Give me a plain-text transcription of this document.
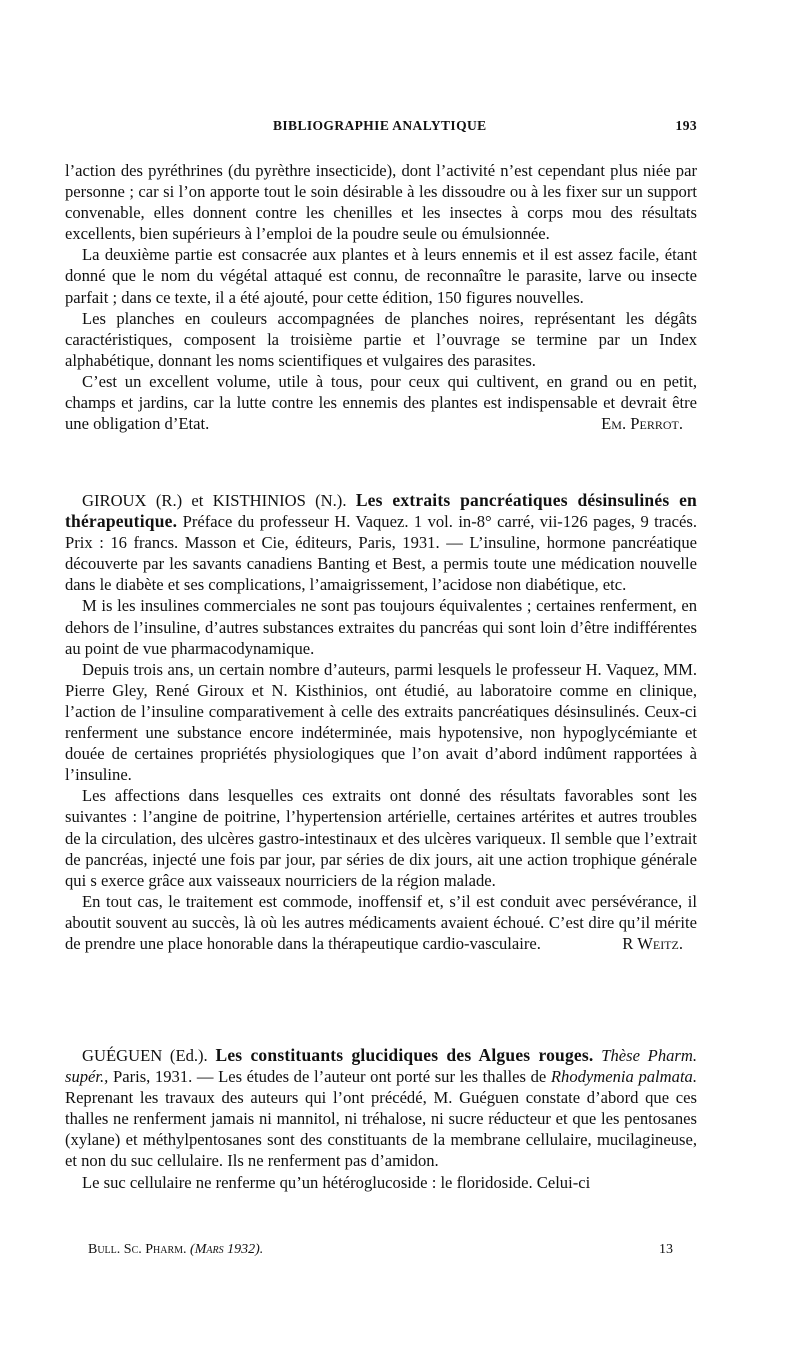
BIBLIOGRAPHIE ANALYTIQUE	193

l’action des pyréthrines (du pyrèthre insecticide), dont l’activité n’est cependant plus niée par personne ; car si l’on apporte tout le soin désirable à les dissoudre ou à les fixer sur un support convenable, elles donnent contre les chenilles et les insectes à corps mou des résultats excellents, bien supérieurs à l’emploi de la poudre seule ou émulsionnée.

La deuxième partie est consacrée aux plantes et à leurs ennemis et il est assez facile, étant donné que le nom du végétal attaqué est connu, de reconnaître le parasite, larve ou insecte parfait ; dans ce texte, il a été ajouté, pour cette édition, 150 figures nouvelles.

Les planches en couleurs accompagnées de planches noires, représentant les dégâts caractéristiques, composent la troisième partie et l’ouvrage se termine par un Index alphabétique, donnant les noms scientifiques et vulgaires des parasites.

C’est un excellent volume, utile à tous, pour ceux qui cultivent, en grand ou en petit, champs et jardins, car la lutte contre les ennemis des plantes est indispensable et devrait être une obligation d’Etat.	Em. Perrot.

GIROUX (R.) et KISTHINIOS (N.). Les extraits pancréatiques désinsulinés en thérapeutique. Préface du professeur H. Vaquez. 1 vol. in-8° carré, vii-126 pages, 9 tracés. Prix : 16 francs. Masson et Cie, éditeurs, Paris, 1931. — L’insuline, hormone pancréatique découverte par les savants canadiens Banting et Best, a permis toute une médication nouvelle dans le diabète et ses complications, l’amaigrissement, l’acidose non diabétique, etc.

M is les insulines commerciales ne sont pas toujours équivalentes ; certaines renferment, en dehors de l’insuline, d’autres substances extraites du pancréas qui sont loin d’être indifférentes au point de vue pharmacodynamique.

Depuis trois ans, un certain nombre d’auteurs, parmi lesquels le professeur H. Vaquez, MM. Pierre Gley, René Giroux et N. Kisthinios, ont étudié, au laboratoire comme en clinique, l’action de l’insuline comparativement à celle des extraits pancréatiques désinsulinés. Ceux-ci renferment une substance encore indéterminée, mais hypotensive, non hypoglycémiante et douée de certaines propriétés physiologiques que l’on avait d’abord indûment rapportées à l’insuline.

Les affections dans lesquelles ces extraits ont donné des résultats favorables sont les suivantes : l’angine de poitrine, l’hypertension artérielle, certaines artérites et autres troubles de la circulation, des ulcères gastro-intestinaux et des ulcères variqueux. Il semble que l’extrait de pancréas, injecté une fois par jour, par séries de dix jours, ait une action trophique générale qui s exerce grâce aux vaisseaux nourriciers de la région malade.

En tout cas, le traitement est commode, inoffensif et, s’il est conduit avec persévérance, il aboutit souvent au succès, là où les autres médicaments avaient échoué. C’est dire qu’il mérite de prendre une place honorable dans la thérapeutique cardio-vasculaire.	R Weitz.

GUÉGUEN (Ed.). Les constituants glucidiques des Algues rouges. Thèse Pharm. supér., Paris, 1931. — Les études de l’auteur ont porté sur les thalles de Rhodymenia palmata. Reprenant les travaux des auteurs qui l’ont précédé, M. Guéguen constate d’abord que ces thalles ne renferment jamais ni mannitol, ni tréhalose, ni sucre réducteur et que les pentosanes (xylane) et méthylpentosanes sont des constituants de la membrane cellulaire, mucilagineuse, et non du suc cellulaire. Ils ne renferment pas d’amidon.

Le suc cellulaire ne renferme qu’un hétéroglucoside : le floridoside. Celui-ci

Bull. Sc. Pharm. (Mars 1932).	13
